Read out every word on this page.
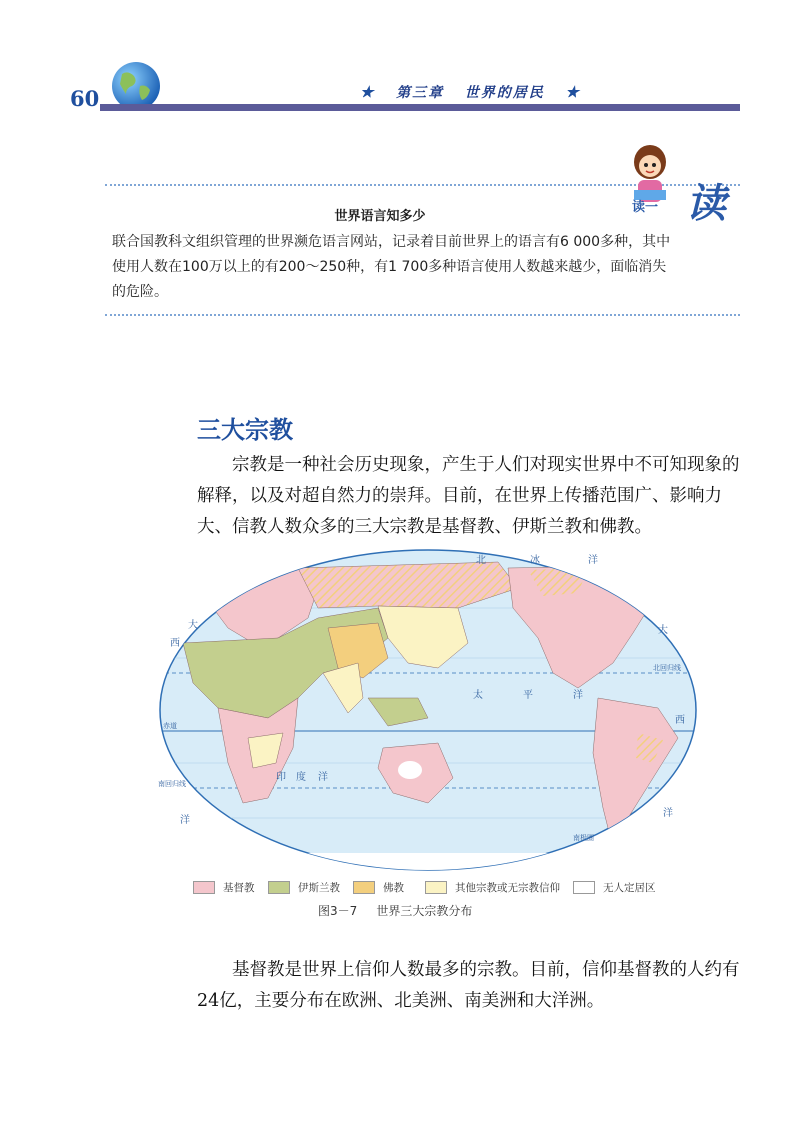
60	★ 第三章 世界的居民 ★
读一 读
世界语言知多少
联合国教科文组织管理的世界濒危语言网站，记录着目前世界上的语言有6 000多种，其中使用人数在100万以上的有200～250种，有1 700多种语言使用人数越来越少，面临消失的危险。
三大宗教
宗教是一种社会历史现象，产生于人们对现实世界中不可知现象的解释，以及对超自然力的崇拜。目前，在世界上传播范围广、影响力大、信教人数众多的三大宗教是基督教、伊斯兰教和佛教。
北	冰	洋
大
西
大
西
北回归线
赤道
南回归线
太	平	洋
印 度 洋
洋
洋
南极圈
基督教	伊斯兰教	佛教	其他宗教或无宗教信仰	无人定居区
图3－7 世界三大宗教分布
基督教是世界上信仰人数最多的宗教。目前，信仰基督教的人约有24亿，主要分布在欧洲、北美洲、南美洲和大洋洲。
